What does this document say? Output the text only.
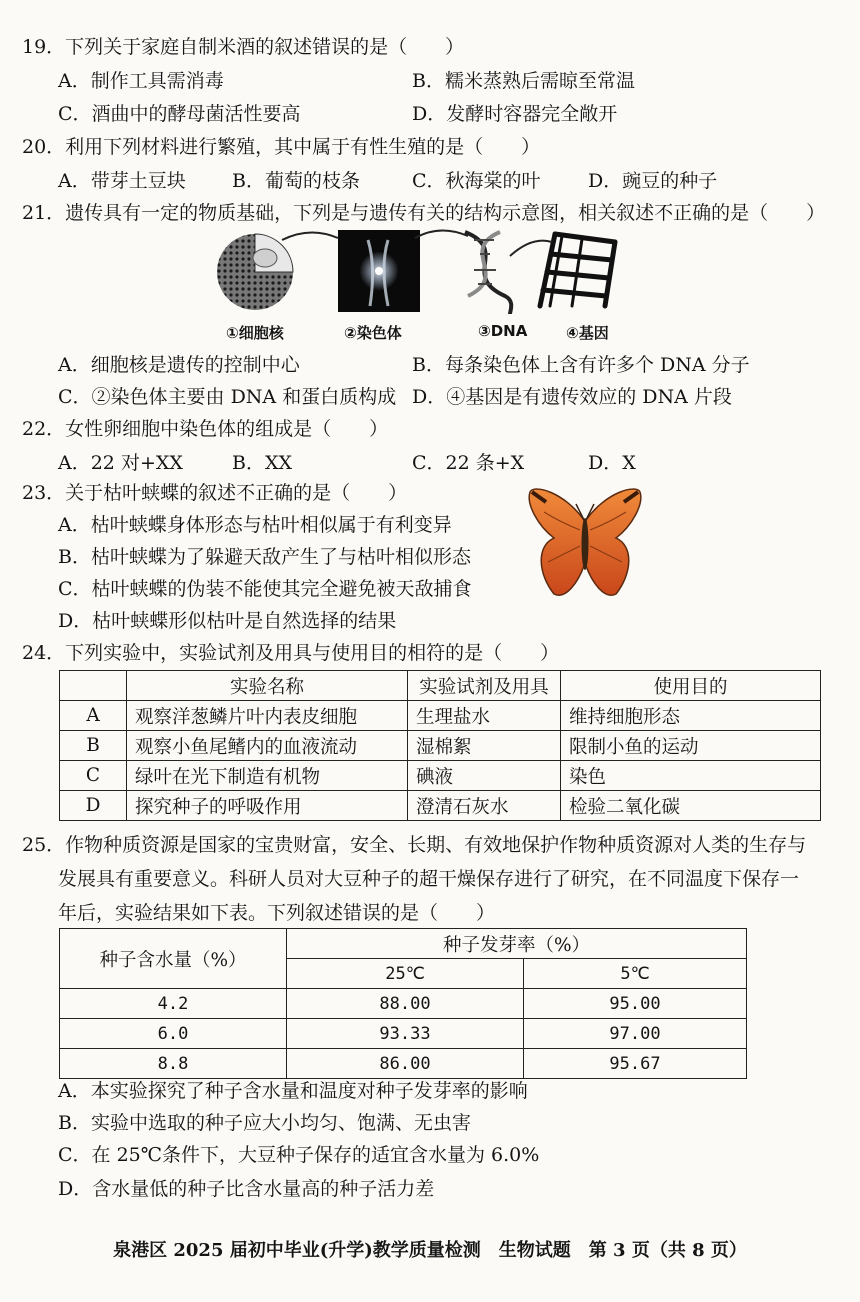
19．下列关于家庭自制米酒的叙述错误的是（　　）
A．制作工具需消毒	B．糯米蒸熟后需晾至常温
C．酒曲中的酵母菌活性要高	D．发酵时容器完全敞开
20．利用下列材料进行繁殖，其中属于有性生殖的是（　　）
A．带芽土豆块 B．葡萄的枝条	C．秋海棠的叶 D．豌豆的种子
21．遗传具有一定的物质基础，下列是与遗传有关的结构示意图，相关叙述不正确的是（　　）
①细胞核	②染色体	③DNA	④基因
A．细胞核是遗传的控制中心	B．每条染色体上含有许多个 DNA 分子
C．②染色体主要由 DNA 和蛋白质构成 D．④基因是有遗传效应的 DNA 片段
22．女性卵细胞中染色体的组成是（　　）
A．22 对+XX	B．XX	C．22 条+X	D．X
23．关于枯叶蛱蝶的叙述不正确的是（　　）
A．枯叶蛱蝶身体形态与枯叶相似属于有利变异
B．枯叶蛱蝶为了躲避天敌产生了与枯叶相似形态
C．枯叶蛱蝶的伪装不能使其完全避免被天敌捕食
D．枯叶蛱蝶形似枯叶是自然选择的结果
24．下列实验中，实验试剂及用具与使用目的相符的是（　　）
	实验名称	实验试剂及用具	使用目的
A	观察洋葱鳞片叶内表皮细胞	生理盐水	维持细胞形态
B	观察小鱼尾鳍内的血液流动	湿棉絮	限制小鱼的运动
C	绿叶在光下制造有机物	碘液	染色
D	探究种子的呼吸作用	澄清石灰水	检验二氧化碳
25．作物种质资源是国家的宝贵财富，安全、长期、有效地保护作物种质资源对人类的生存与
发展具有重要意义。科研人员对大豆种子的超干燥保存进行了研究，在不同温度下保存一
年后，实验结果如下表。下列叙述错误的是（　　）
种子含水量（%）	种子发芽率（%）	
	25℃	5℃
4.2	88.00	95.00
6.0	93.33	97.00
8.8	86.00	95.67
A．本实验探究了种子含水量和温度对种子发芽率的影响
B．实验中选取的种子应大小均匀、饱满、无虫害
C．在 25℃条件下，大豆种子保存的适宜含水量为 6.0%
D．含水量低的种子比含水量高的种子活力差
泉港区 2025 届初中毕业(升学)教学质量检测　生物试题　第 3 页（共 8 页）
